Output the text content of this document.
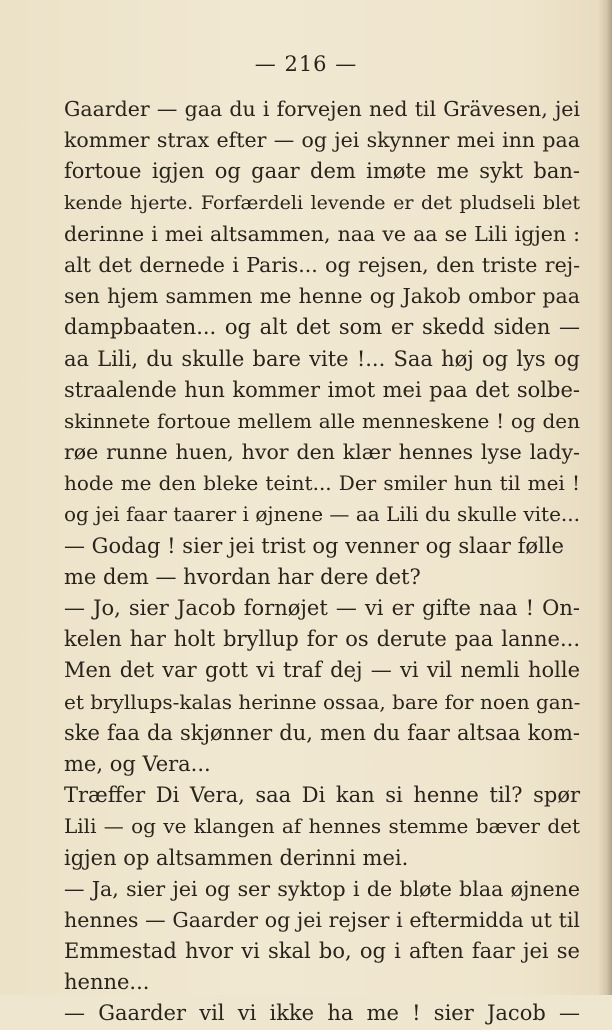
— 216 —
Gaarder — gaa du i forvejen ned til Grävesen, jei
kommer strax efter — og jei skynner mei inn paa
fortoue igjen og gaar dem imøte me sykt ban-
kende hjerte. Forfærdeli levende er det pludseli blet
derinne i mei altsammen, naa ve aa se Lili igjen :
alt det dernede i Paris... og rejsen, den triste rej-
sen hjem sammen me henne og Jakob ombor paa
dampbaaten... og alt det som er skedd siden —
aa Lili, du skulle bare vite !... Saa høj og lys og
straalende hun kommer imot mei paa det solbe-
skinnete fortoue mellem alle menneskene ! og den
røe runne huen, hvor den klær hennes lyse lady-
hode me den bleke teint... Der smiler hun til mei !
og jei faar taarer i øjnene — aa Lili du skulle vite...
— Godag ! sier jei trist og venner og slaar følle
me dem — hvordan har dere det?
— Jo, sier Jacob fornøjet — vi er gifte naa ! On-
kelen har holt bryllup for os derute paa lanne...
Men det var gott vi traf dej — vi vil nemli holle
et bryllups-kalas herinne ossaa, bare for noen gan-
ske faa da skjønner du, men du faar altsaa kom-
me, og Vera...
Træffer Di Vera, saa Di kan si henne til? spør
Lili — og ve klangen af hennes stemme bæver det
igjen op altsammen derinni mei.
— Ja, sier jei og ser syktop i de bløte blaa øjnene
hennes — Gaarder og jei rejser i eftermidda ut til
Emmestad hvor vi skal bo, og i aften faar jei se
henne...
— Gaarder vil vi ikke ha me ! sier Jacob —
